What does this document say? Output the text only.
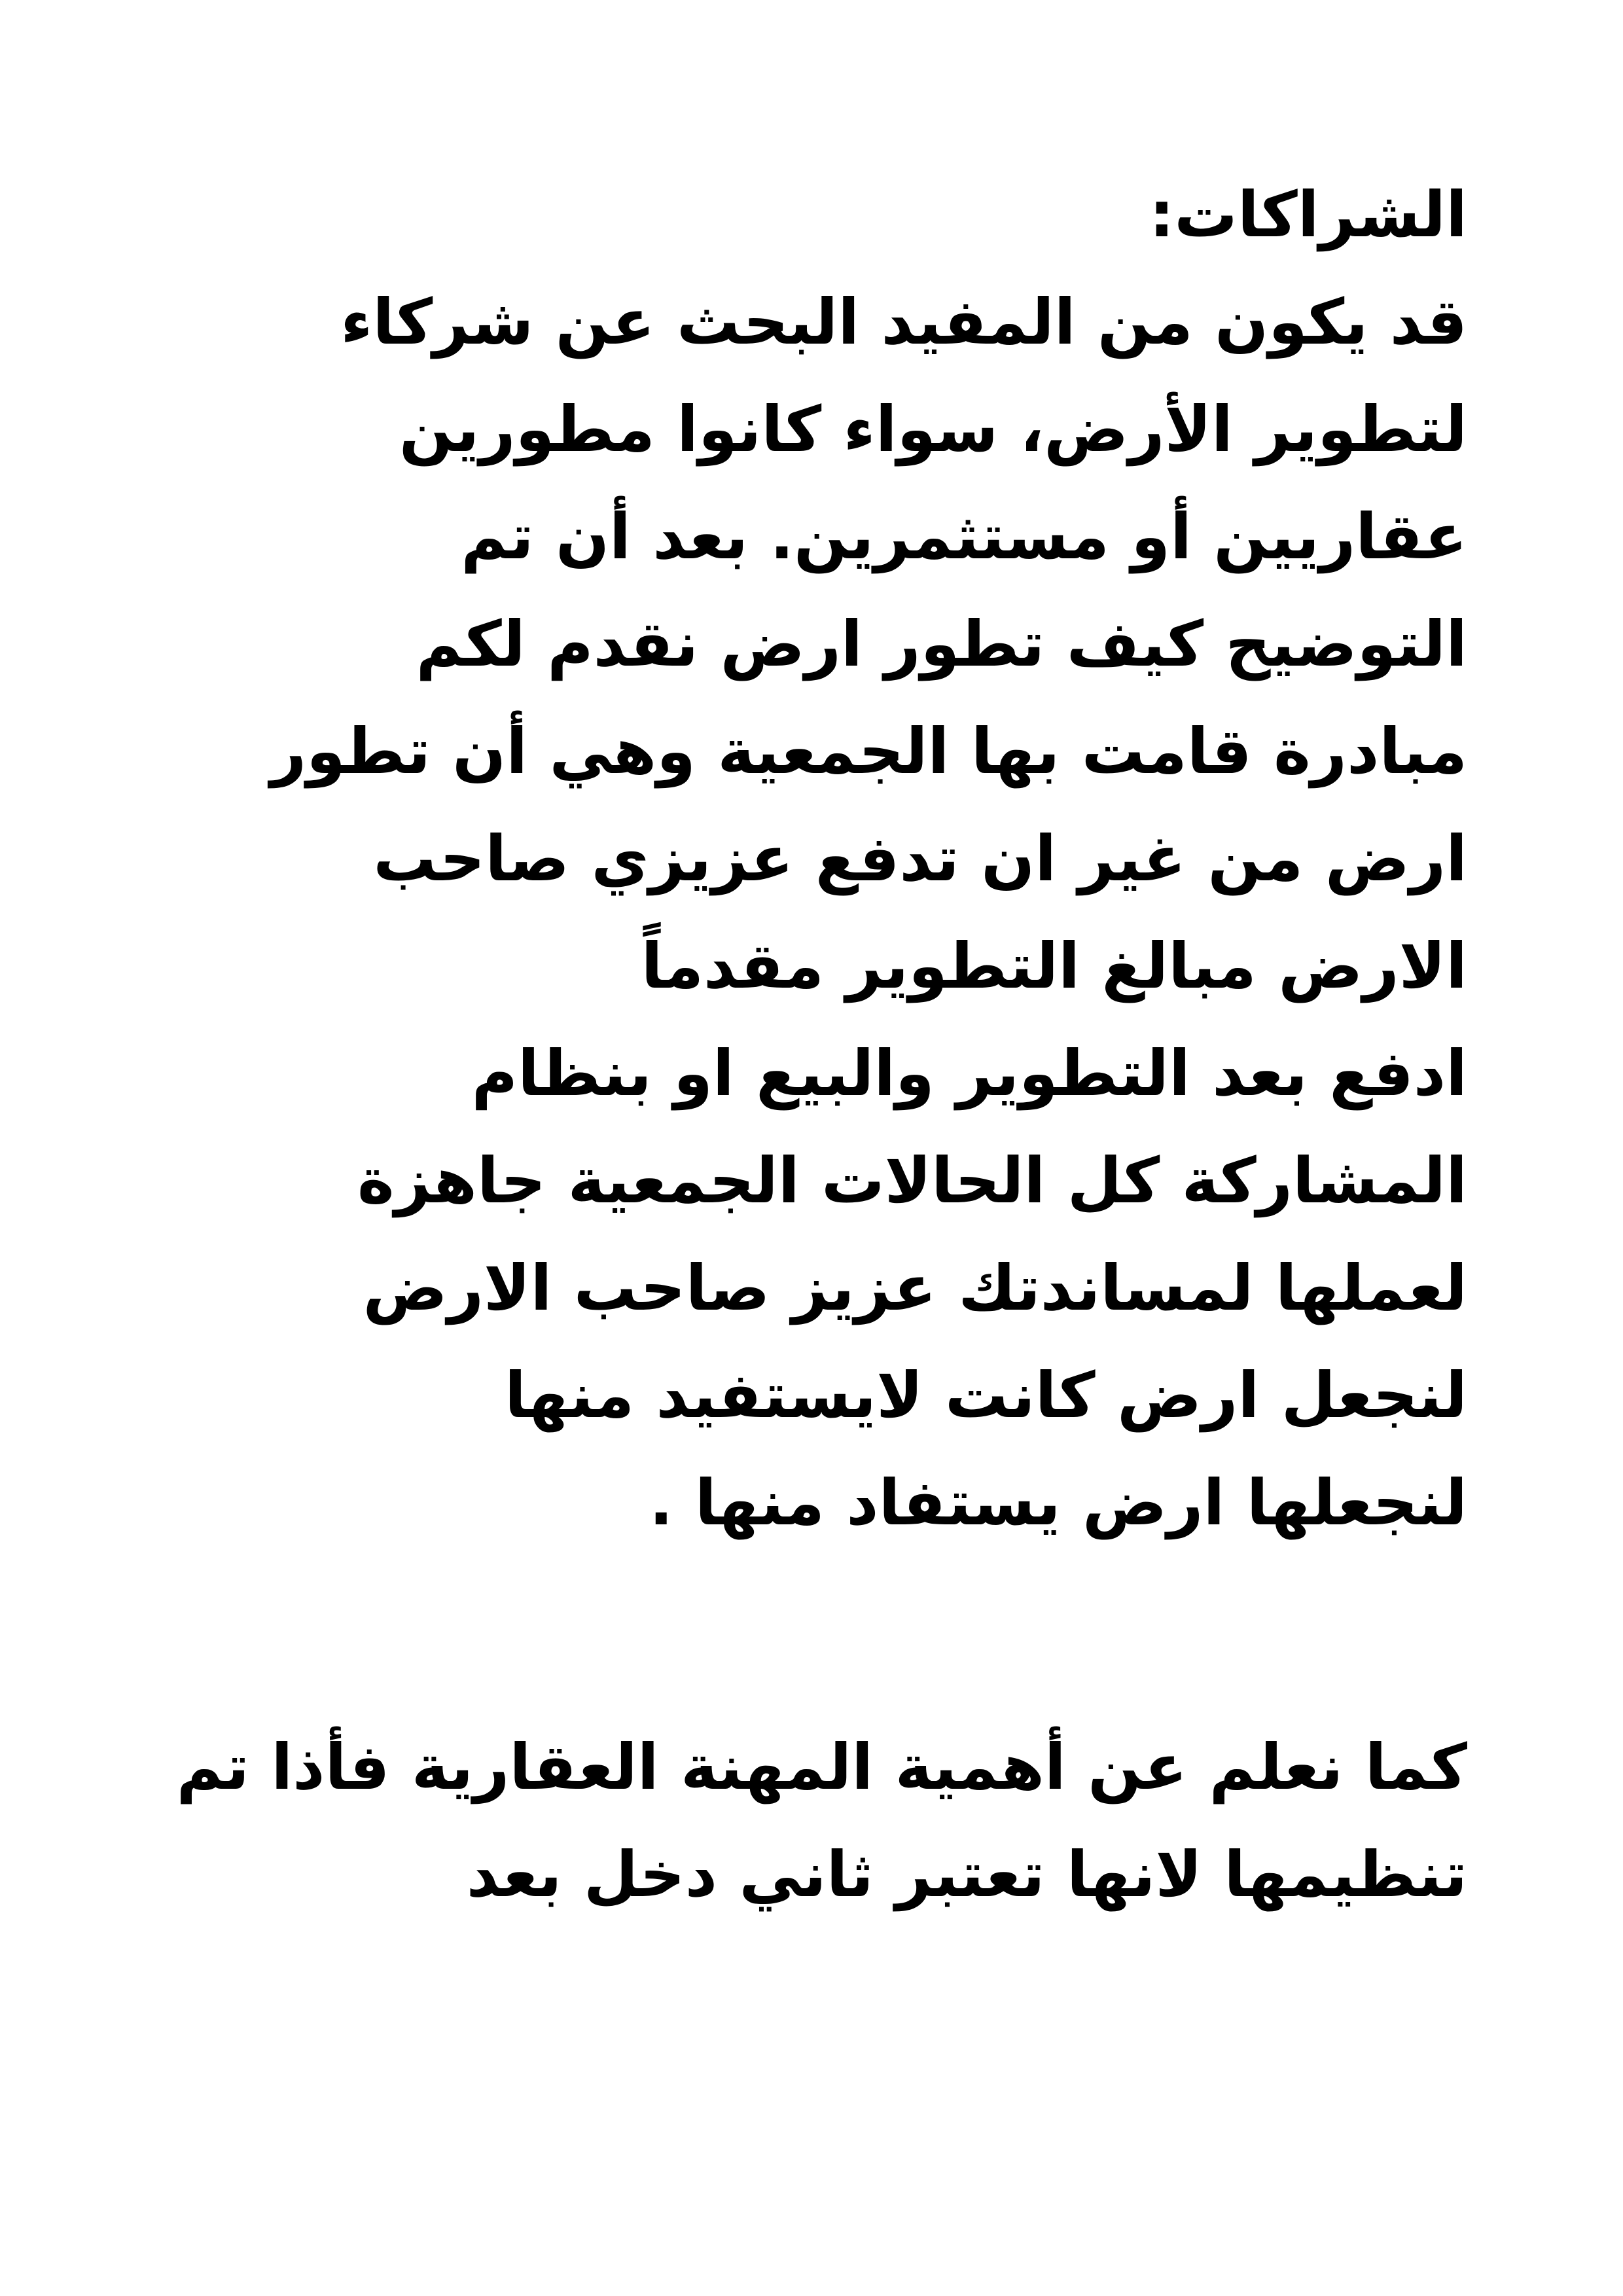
الشراكات:
قد يكون من المفيد البحث عن شركاء
لتطوير الأرض، سواء كانوا مطورين
عقاريين أو مستثمرين. بعد أن تم
التوضيح كيف تطور ارض نقدم لكم
مبادرة قامت بها الجمعية وهي أن تطور
ارض من غير ان تدفع عزيزي صاحب
الارض مبالغ التطوير مقدماً
ادفع بعد التطوير والبيع او بنظام
المشاركة كل الحالات الجمعية جاهزة
لعملها لمساندتك عزيز صاحب الارض
لنجعل ارض كانت لايستفيد منها
لنجعلها ارض يستفاد منها .
كما نعلم عن أهمية المهنة العقارية فأذا تم
تنظيمها لانها تعتبر ثاني دخل بعد
